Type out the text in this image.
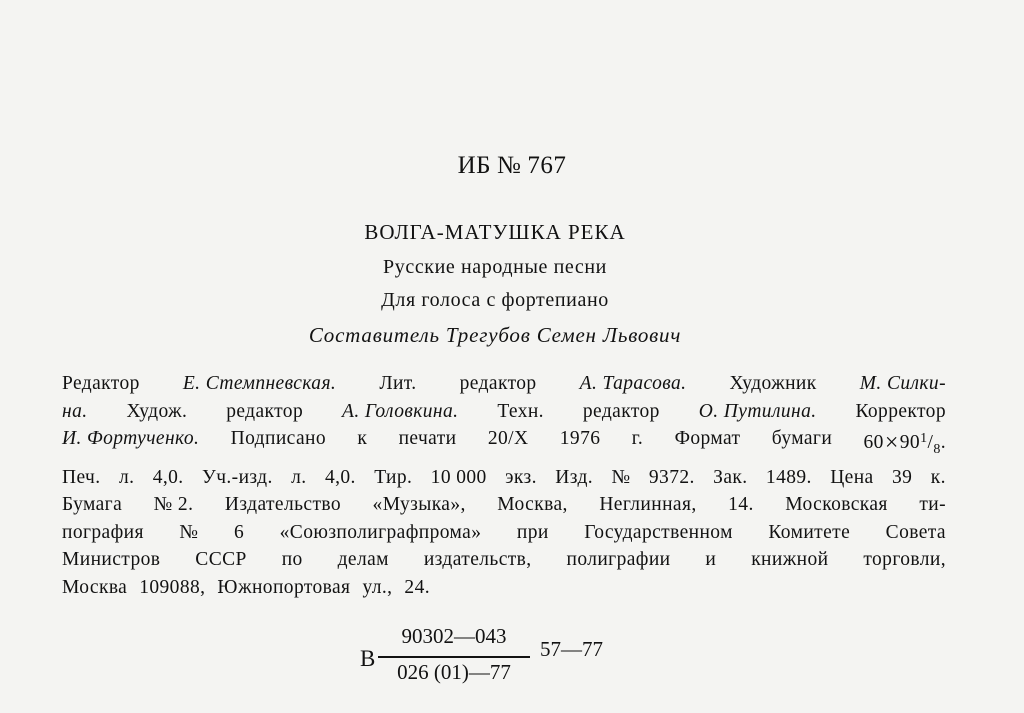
ИБ № 767
ВОЛГА-МАТУШКА РЕКА
Русские народные песни
Для голоса с фортепиано
Составитель Трегубов Семен Львович
Редактор Е. Стемпневская. Лит. редактор А. Тарасова. Художник М. Силки-
на. Худож. редактор А. Головкина. Техн. редактор О. Путилина. Корректор
И. Фортученко. Подписано к печати 20/X 1976 г. Формат бумаги $60\times 90^1/_8$.
Печ. л. 4,0. Уч.-изд. л. 4,0. Тир. 10 000 экз. Изд. № 9372. Зак. 1489. Цена 39 к.
Бумага № 2. Издательство «Музыка», Москва, Неглинная, 14. Московская ти-
пография № 6 «Союзполиграфпрома» при Государственном Комитете Совета
Министров СССР по делам издательств, полиграфии и книжной торговли,
Москва 109088, Южнопортовая ул., 24.
В
90302—043
026 (01)—77
57—77
